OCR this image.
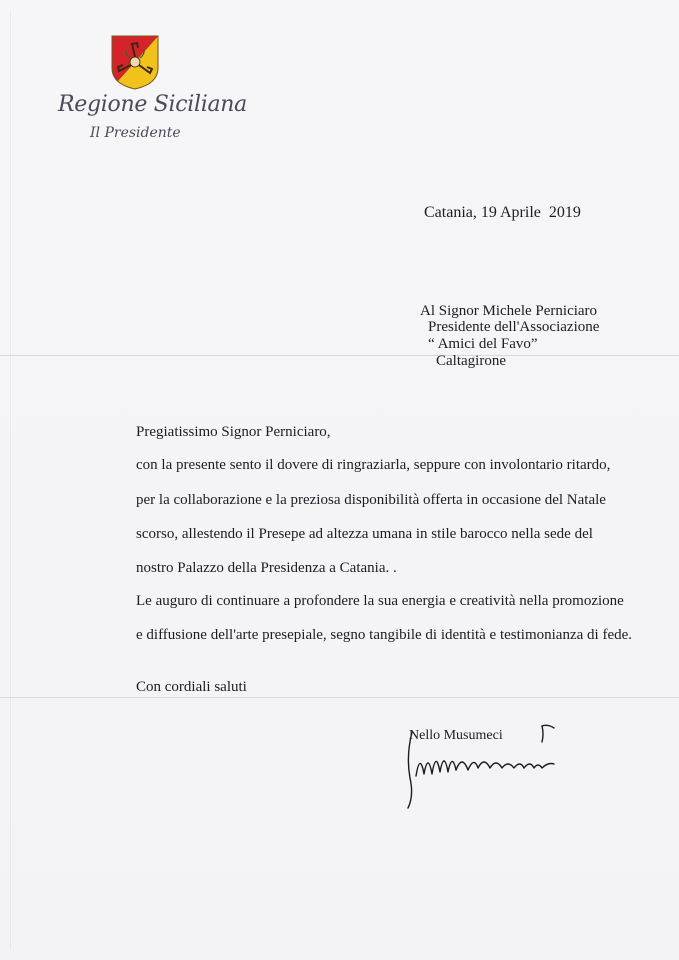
Regione Siciliana
Il Presidente
Catania, 19 Aprile  2019
Al Signor Michele Perniciaro
Presidente dell'Associazione
“ Amici del Favo”
Caltagirone
Pregiatissimo Signor Perniciaro,
con la presente sento il dovere di ringraziarla, seppure con involontario ritardo,
per la collaborazione e la preziosa disponibilità offerta in occasione del Natale
scorso, allestendo il Presepe ad altezza umana in stile barocco nella sede del
nostro Palazzo della Presidenza a Catania. .
Le auguro di continuare a profondere la sua energia e creatività nella promozione
e diffusione dell'arte presepiale, segno tangibile di identità e testimonianza di fede.
Con cordiali saluti
Nello Musumeci
